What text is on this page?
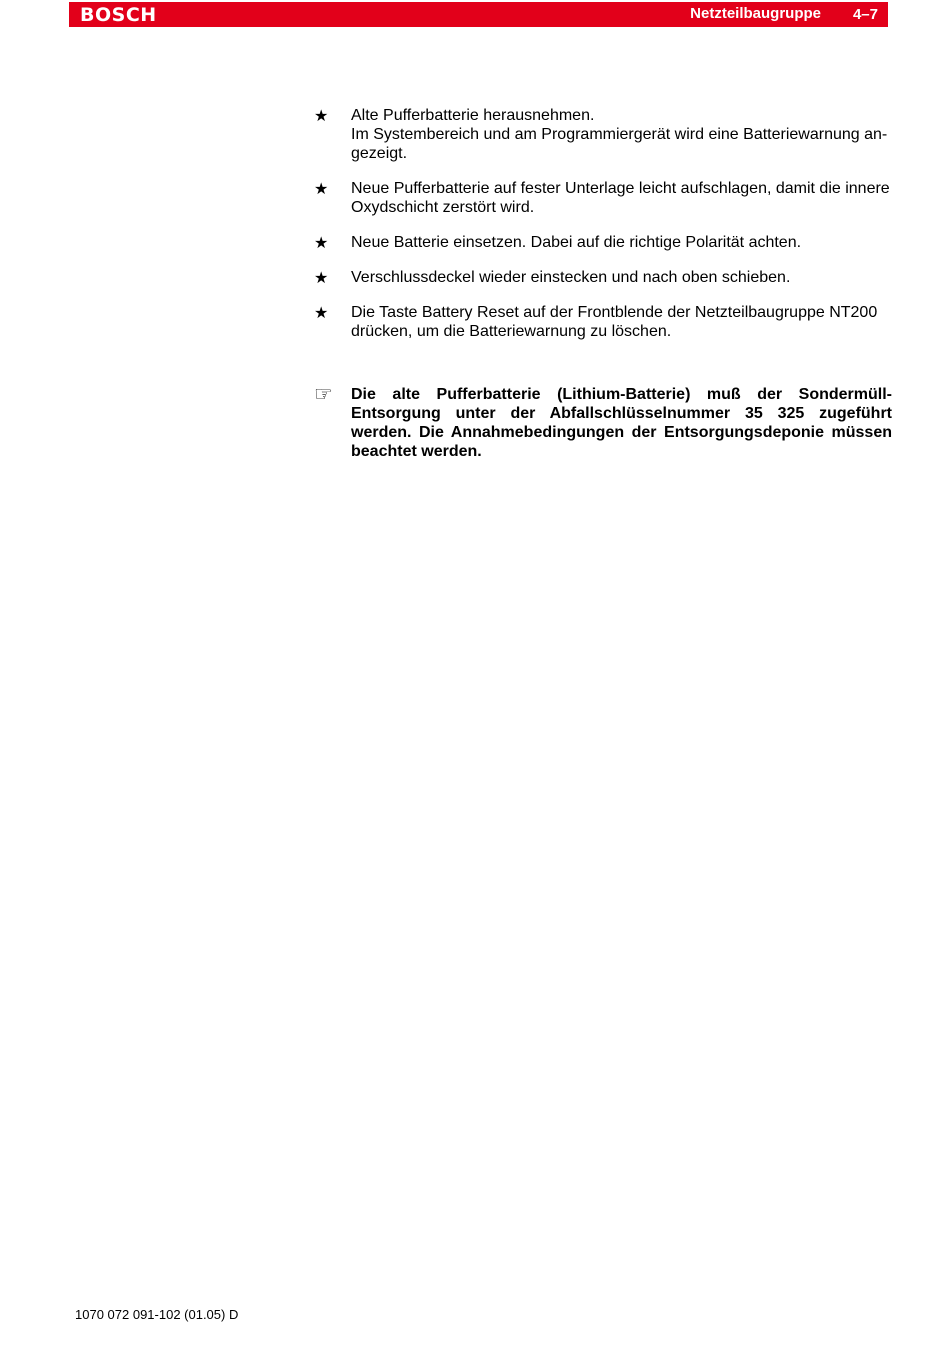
BOSCH	Netzteilbaugruppe 4–7
★ Alte Pufferbatterie herausnehmen.
Im Systembereich und am Programmiergerät wird eine Batteriewarnung an-
gezeigt.
★ Neue Pufferbatterie auf fester Unterlage leicht aufschlagen, damit die innere
Oxydschicht zerstört wird.
★ Neue Batterie einsetzen. Dabei auf die richtige Polarität achten.
★ Verschlussdeckel wieder einstecken und nach oben schieben.
★ Die Taste Battery Reset auf der Frontblende der Netzteilbaugruppe NT200
drücken, um die Batteriewarnung zu löschen.
☞ Die alte Pufferbatterie (Lithium-Batterie) muß der Sondermüll-Entsorgung unter der Abfallschlüsselnummer 35 325 zugeführt werden. Die Annahmebedingungen der Entsorgungsdeponie müssen beachtet werden.
1070 072 091-102 (01.05) D
